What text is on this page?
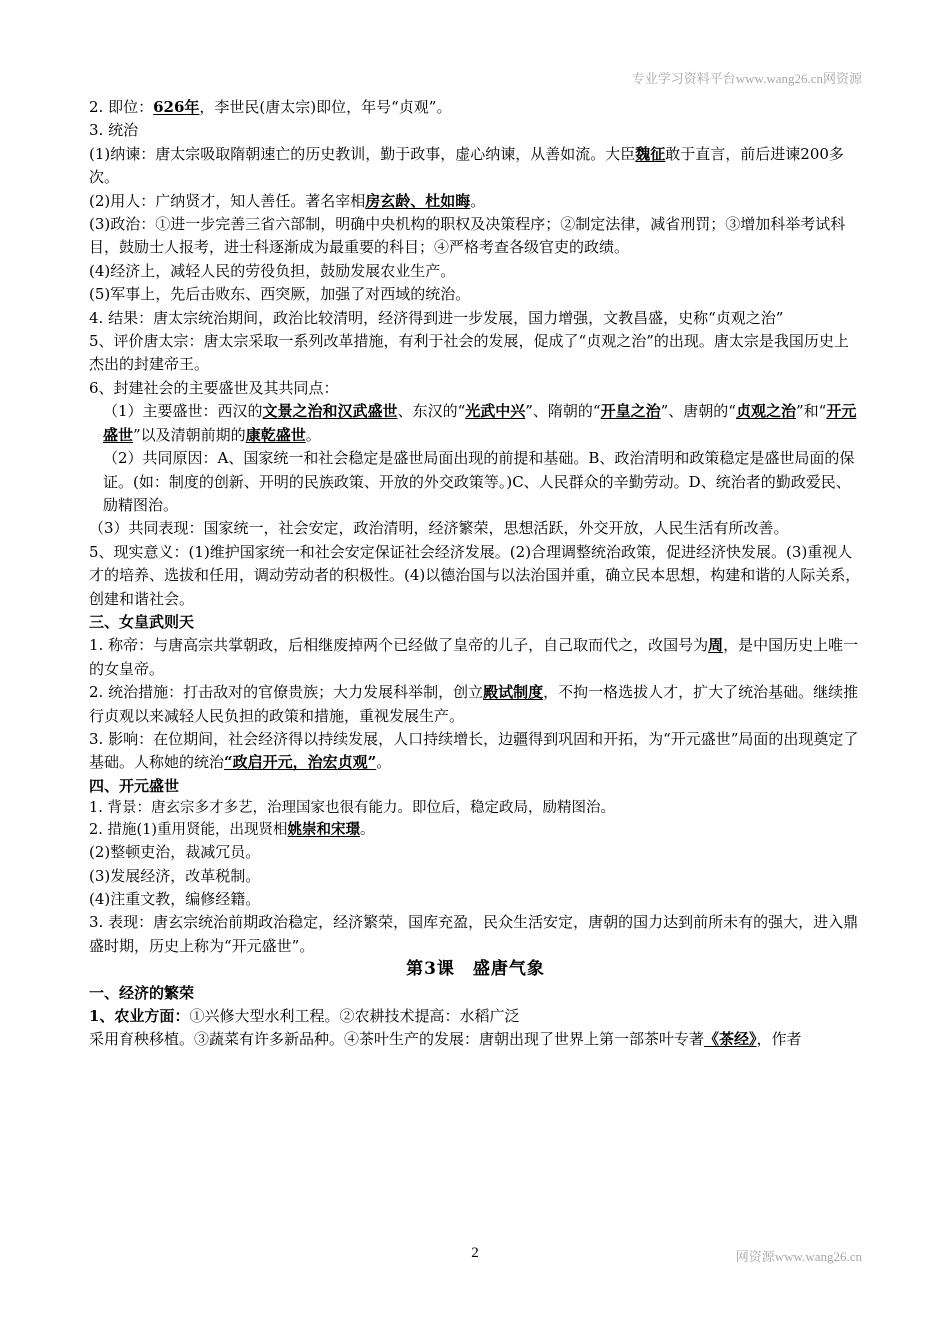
专业学习资料平台www.wang26.cn网资源

2. 即位：626年，李世民(唐太宗)即位，年号“贞观”。

3. 统治

(1)纳谏：唐太宗吸取隋朝速亡的历史教训，勤于政事，虚心纳谏，从善如流。大臣魏征敢于直言，前后进谏200多次。

(2)用人：广纳贤才，知人善任。著名宰相房玄龄、杜如晦。

(3)政治：①进一步完善三省六部制，明确中央机构的职权及决策程序；②制定法律，减省刑罚；③增加科举考试科目，鼓励士人报考，进士科逐渐成为最重要的科目；④严格考查各级官吏的政绩。

(4)经济上，减轻人民的劳役负担，鼓励发展农业生产。

(5)军事上，先后击败东、西突厥，加强了对西域的统治。

4. 结果：唐太宗统治期间，政治比较清明，经济得到进一步发展，国力增强，文教昌盛，史称“贞观之治”

5、评价唐太宗：唐太宗采取一系列改革措施，有利于社会的发展，促成了“贞观之治”的出现。唐太宗是我国历史上杰出的封建帝王。

6、封建社会的主要盛世及其共同点：

（1）主要盛世：西汉的文景之治和汉武盛世、东汉的“光武中兴”、隋朝的“开皇之治”、唐朝的“贞观之治”和“开元盛世”以及清朝前期的康乾盛世。

（2）共同原因：A、国家统一和社会稳定是盛世局面出现的前提和基础。B、政治清明和政策稳定是盛世局面的保证。(如：制度的创新、开明的民族政策、开放的外交政策等。)C、人民群众的辛勤劳动。D、统治者的勤政爱民、励精图治。

（3）共同表现：国家统一，社会安定，政治清明，经济繁荣，思想活跃，外交开放，人民生活有所改善。

5、现实意义：(1)维护国家统一和社会安定保证社会经济发展。(2)合理调整统治政策，促进经济快发展。(3)重视人才的培养、选拔和任用，调动劳动者的积极性。(4)以德治国与以法治国并重，确立民本思想，构建和谐的人际关系，创建和谐社会。

三、女皇武则天

1. 称帝：与唐高宗共掌朝政，后相继废掉两个已经做了皇帝的儿子，自己取而代之，改国号为周，是中国历史上唯一的女皇帝。

2. 统治措施：打击敌对的官僚贵族；大力发展科举制，创立殿试制度，不拘一格选拔人才，扩大了统治基础。继续推行贞观以来减轻人民负担的政策和措施，重视发展生产。

3. 影响：在位期间，社会经济得以持续发展，人口持续增长，边疆得到巩固和开拓，为“开元盛世”局面的出现奠定了基础。人称她的统治“政启开元，治宏贞观”。

四、开元盛世

1. 背景：唐玄宗多才多艺，治理国家也很有能力。即位后，稳定政局，励精图治。

2. 措施(1)重用贤能，出现贤相姚崇和宋璟。

(2)整顿吏治，裁减冗员。

(3)发展经济，改革税制。

(4)注重文教，编修经籍。

3. 表现：唐玄宗统治前期政治稳定，经济繁荣，国库充盈，民众生活安定，唐朝的国力达到前所未有的强大，进入鼎盛时期，历史上称为“开元盛世”。

第3课　盛唐气象

一、经济的繁荣

1、农业方面：①兴修大型水利工程。②农耕技术提高：水稻广泛

采用育秧移植。③蔬菜有许多新品种。④茶叶生产的发展：唐朝出现了世界上第一部茶叶专著《茶经》，作者

2	网资源www.wang26.cn
